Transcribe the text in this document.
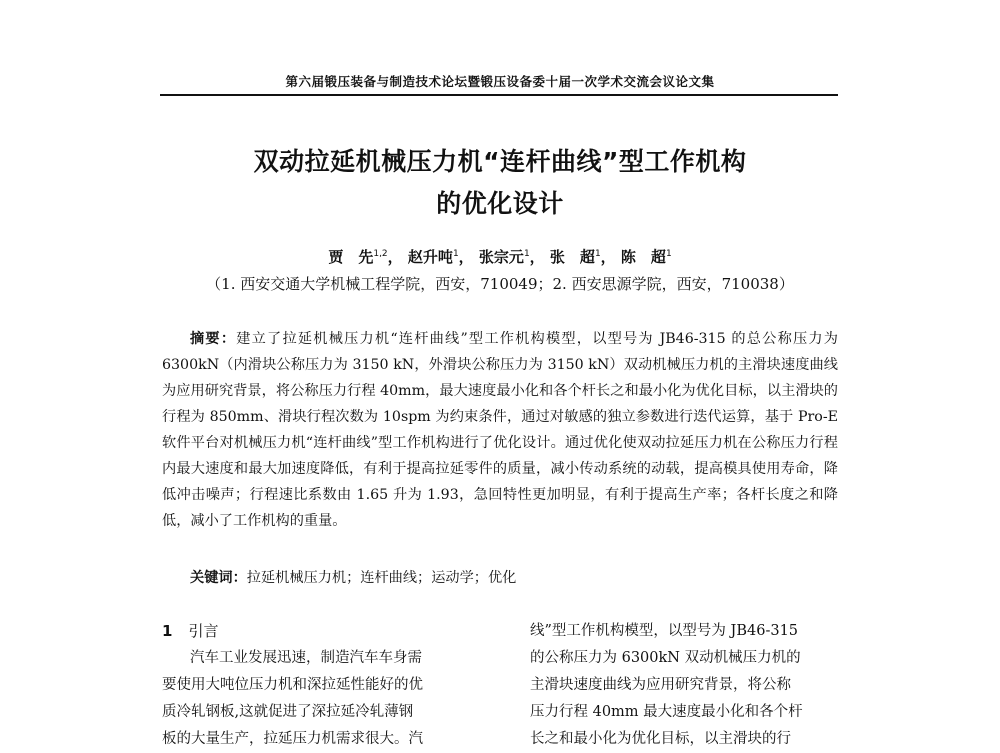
第六届锻压装备与制造技术论坛暨锻压设备委十届一次学术交流会议论文集
双动拉延机械压力机“连杆曲线”型工作机构
的优化设计
贾　先$^{1,2}$， 赵升吨$^1$， 张宗元$^1$， 张　超$^1$， 陈　超$^1$
（1. 西安交通大学机械工程学院，西安，710049；2. 西安思源学院，西安，710038）
摘要：建立了拉延机械压力机“连杆曲线”型工作机构模型，以型号为 JB46-315 的总公称压力为 6300kN（内滑块公称压力为 3150 kN，外滑块公称压力为 3150 kN）双动机械压力机的主滑块速度曲线为应用研究背景，将公称压力行程 40mm，最大速度最小化和各个杆长之和最小化为优化目标，以主滑块的行程为 850mm、滑块行程次数为 10spm 为约束条件，通过对敏感的独立参数进行迭代运算，基于 Pro-E 软件平台对机械压力机“连杆曲线”型工作机构进行了优化设计。通过优化使双动拉延压力机在公称压力行程内最大速度和最大加速度降低，有利于提高拉延零件的质量，减小传动系统的动载，提高模具使用寿命，降低冲击噪声；行程速比系数由 1.65 升为 1.93，急回特性更加明显，有利于提高生产率；各杆长度之和降低，减小了工作机构的重量。
关键词：拉延机械压力机；连杆曲线；运动学；优化
1 引言
汽车工业发展迅速，制造汽车车身需
要使用大吨位压力机和深拉延性能好的优
质冷轧钢板,这就促进了深拉延冷轧薄钢
板的大量生产，拉延压力机需求很大。汽
线”型工作机构模型，以型号为 JB46-315
的公称压力为 6300kN 双动机械压力机的
主滑块速度曲线为应用研究背景，将公称
压力行程 40mm 最大速度最小化和各个杆
长之和最小化为优化目标，以主滑块的行
